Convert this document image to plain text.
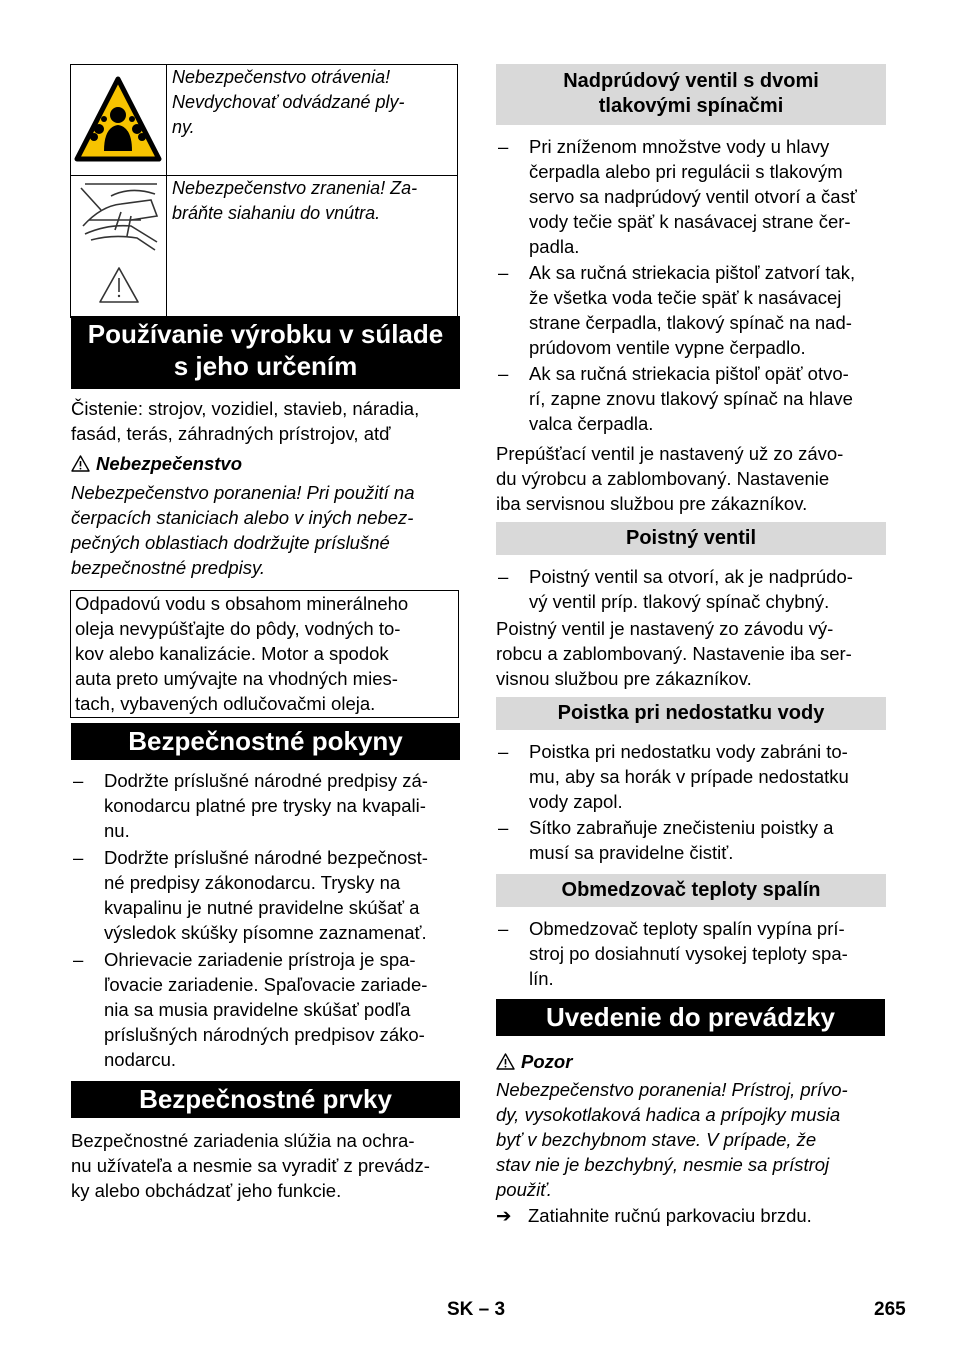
Nebezpečenstvo otrávenia!
Nevdychovať odvádzané ply-
ny.

Nebezpečenstvo zranenia! Za-
bráňte siahaniu do vnútra.
Používanie výrobku v súlade
s jeho určením
Čistenie: strojov, vozidiel, stavieb, náradia,
fasád, terás, záhradných prístrojov, atď
Nebezpečenstvo
Nebezpečenstvo poranenia! Pri použití na
čerpacích staniciach alebo v iných nebez-
pečných oblastiach dodržujte príslušné
bezpečnostné predpisy.
Odpadovú vodu s obsahom minerálneho
oleja nevypúšťajte do pôdy, vodných to-
kov alebo kanalizácie. Motor a spodok
auta preto umývajte na vhodných mies-
tach, vybavených odlučovačmi oleja.
Bezpečnostné pokyny
– Dodržte príslušné národné predpisy zá-
konodarcu platné pre trysky na kvapali-
nu.
– Dodržte príslušné národné bezpečnost-
né predpisy zákonodarcu. Trysky na
kvapalinu je nutné pravidelne skúšať a
výsledok skúšky písomne zaznamenať.
– Ohrievacie zariadenie prístroja je spa-
ľovacie zariadenie. Spaľovacie zariade-
nia sa musia pravidelne skúšať podľa
príslušných národných predpisov záko-
nodarcu.
Bezpečnostné prvky
Bezpečnostné zariadenia slúžia na ochra-
nu užívateľa a nesmie sa vyradiť z prevádz-
ky alebo obchádzať jeho funkcie.
Nadprúdový ventil s dvomi
tlakovými spínačmi
– Pri zníženom množstve vody u hlavy
čerpadla alebo pri regulácii s tlakovým
servo sa nadprúdový ventil otvorí a časť
vody tečie späť k nasávacej strane čer-
padla.
– Ak sa ručná striekacia pištoľ zatvorí tak,
že všetka voda tečie späť k nasávacej
strane čerpadla, tlakový spínač na nad-
prúdovom ventile vypne čerpadlo.
– Ak sa ručná striekacia pištoľ opäť otvo-
rí, zapne znovu tlakový spínač na hlave
valca čerpadla.
Prepúšťací ventil je nastavený už zo závo-
du výrobcu a zablombovaný. Nastavenie
iba servisnou službou pre zákazníkov.
Poistný ventil
– Poistný ventil sa otvorí, ak je nadprúdo-
vý ventil príp. tlakový spínač chybný.
Poistný ventil je nastavený zo závodu vý-
robcu a zablombovaný. Nastavenie iba ser-
visnou službou pre zákazníkov.
Poistka pri nedostatku vody
– Poistka pri nedostatku vody zabráni to-
mu, aby sa horák v prípade nedostatku
vody zapol.
– Sítko zabraňuje znečisteniu poistky a
musí sa pravidelne čistiť.
Obmedzovač teploty spalín
– Obmedzovač teploty spalín vypína prí-
stroj po dosiahnutí vysokej teploty spa-
lín.
Uvedenie do prevádzky
Pozor
Nebezpečenstvo poranenia! Prístroj, prívo-
dy, vysokotlaková hadica a prípojky musia
byť v bezchybnom stave. V prípade, že
stav nie je bezchybný, nesmie sa prístroj
použiť.
➔ Zatiahnite ručnú parkovaciu brzdu.
SK – 3	265
